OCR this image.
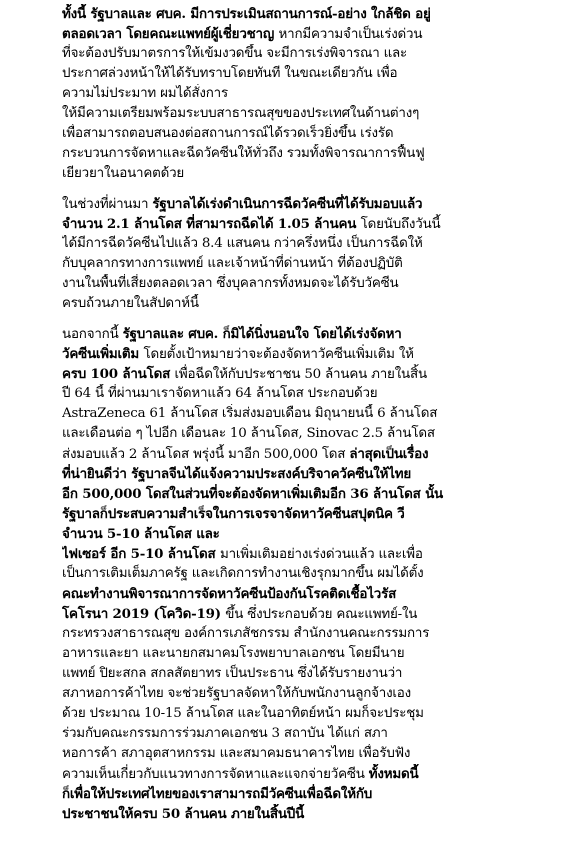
ทั้งนี้ รัฐบาลและ ศบค. มีการประเมินสถานการณ์-อย่าง ใกล้ชิด อยู่
ตลอดเวลา โดยคณะแพทย์ผู้เชี่ยวชาญ หากมีความจำเป็นเร่งด่วน
ที่จะต้องปรับมาตรการให้เข้มงวดขึ้น จะมีการเร่งพิจารณา และ
ประกาศล่วงหน้าให้ได้รับทราบโดยทันที ในขณะเดียวกัน เพื่อ
ความไม่ประมาท ผมได้สั่งการ
ให้มีความเตรียมพร้อมระบบสาธารณสุขของประเทศในด้านต่างๆ
เพื่อสามารถตอบสนองต่อสถานการณ์ได้รวดเร็วยิ่งขึ้น เร่งรัด
กระบวนการจัดหาและฉีดวัคซีนให้ทั่วถึง รวมทั้งพิจารณาการฟื้นฟู
เยียวยาในอนาคตด้วย
ในช่วงที่ผ่านมา รัฐบาลได้เร่งดำเนินการฉีดวัคซีนที่ได้รับมอบแล้ว
จำนวน 2.1 ล้านโดส ที่สามารถฉีดได้ 1.05 ล้านคน โดยนับถึงวันนี้
ได้มีการฉีดวัคซีนไปแล้ว 8.4 แสนคน กว่าครึ่งหนึ่ง เป็นการฉีดให้
กับบุคลากรทางการแพทย์ และเจ้าหน้าที่ด่านหน้า ที่ต้องปฏิบัติ
งานในพื้นที่เสี่ยงตลอดเวลา ซึ่งบุคลากรทั้งหมดจะได้รับวัคซีน
ครบถ้วนภายในสัปดาห์นี้
นอกจากนี้ รัฐบาลและ ศบค. ก็มิได้นิ่งนอนใจ โดยได้เร่งจัดหา
วัคซีนเพิ่มเติม โดยตั้งเป้าหมายว่าจะต้องจัดหาวัคซีนเพิ่มเติม ให้
ครบ 100 ล้านโดส เพื่อฉีดให้กับประชาชน 50 ล้านคน ภายในสิ้น
ปี 64 นี้ ที่ผ่านมาเราจัดหาแล้ว 64 ล้านโดส ประกอบด้วย
AstraZeneca 61 ล้านโดส เริ่มส่งมอบเดือน มิถุนายนนี้ 6 ล้านโดส
และเดือนต่อ ๆ ไปอีก เดือนละ 10 ล้านโดส, Sinovac 2.5 ล้านโดส
ส่งมอบแล้ว 2 ล้านโดส พรุ่งนี้ มาอีก 500,000 โดส ล่าสุดเป็นเรื่อง
ที่น่ายินดีว่า รัฐบาลจีนได้แจ้งความประสงค์บริจาควัคซีนให้ไทย
อีก 500,000 โดสในส่วนที่จะต้องจัดหาเพิ่มเติมอีก 36 ล้านโดส นั้น
รัฐบาลก็ประสบความสำเร็จในการเจรจาจัดหาวัคซีนสปุตนิค วี
จำนวน 5-10 ล้านโดส และ
ไฟเซอร์ อีก 5-10 ล้านโดส มาเพิ่มเติมอย่างเร่งด่วนแล้ว และเพื่อ
เป็นการเติมเต็มภาครัฐ และเกิดการทำงานเชิงรุกมากขึ้น ผมได้ตั้ง
คณะทำงานพิจารณาการจัดหาวัคซีนป้องกันโรคติดเชื้อไวรัส
โคโรนา 2019 (โควิด-19) ขึ้น ซึ่งประกอบด้วย คณะแพทย์-ใน
กระทรวงสาธารณสุข องค์การเภสัชกรรม สำนักงานคณะกรรมการ
อาหารและยา และนายกสมาคมโรงพยาบาลเอกชน โดยมีนาย
แพทย์ ปิยะสกล สกลสัตยาทร เป็นประธาน ซึ่งได้รับรายงานว่า
สภาหอการค้าไทย จะช่วยรัฐบาลจัดหาให้กับพนักงานลูกจ้างเอง
ด้วย ประมาณ 10-15 ล้านโดส และในอาทิตย์หน้า ผมก็จะประชุม
ร่วมกับคณะกรรมการร่วมภาคเอกชน 3 สถาบัน ได้แก่ สภา
หอการค้า สภาอุตสาหกรรม และสมาคมธนาคารไทย เพื่อรับฟัง
ความเห็นเกี่ยวกับแนวทางการจัดหาและแจกจ่ายวัคซีน ทั้งหมดนี้
ก็เพื่อให้ประเทศไทยของเราสามารถมีวัคซีนเพื่อฉีดให้กับ
ประชาชนให้ครบ 50 ล้านคน ภายในสิ้นปีนี้
